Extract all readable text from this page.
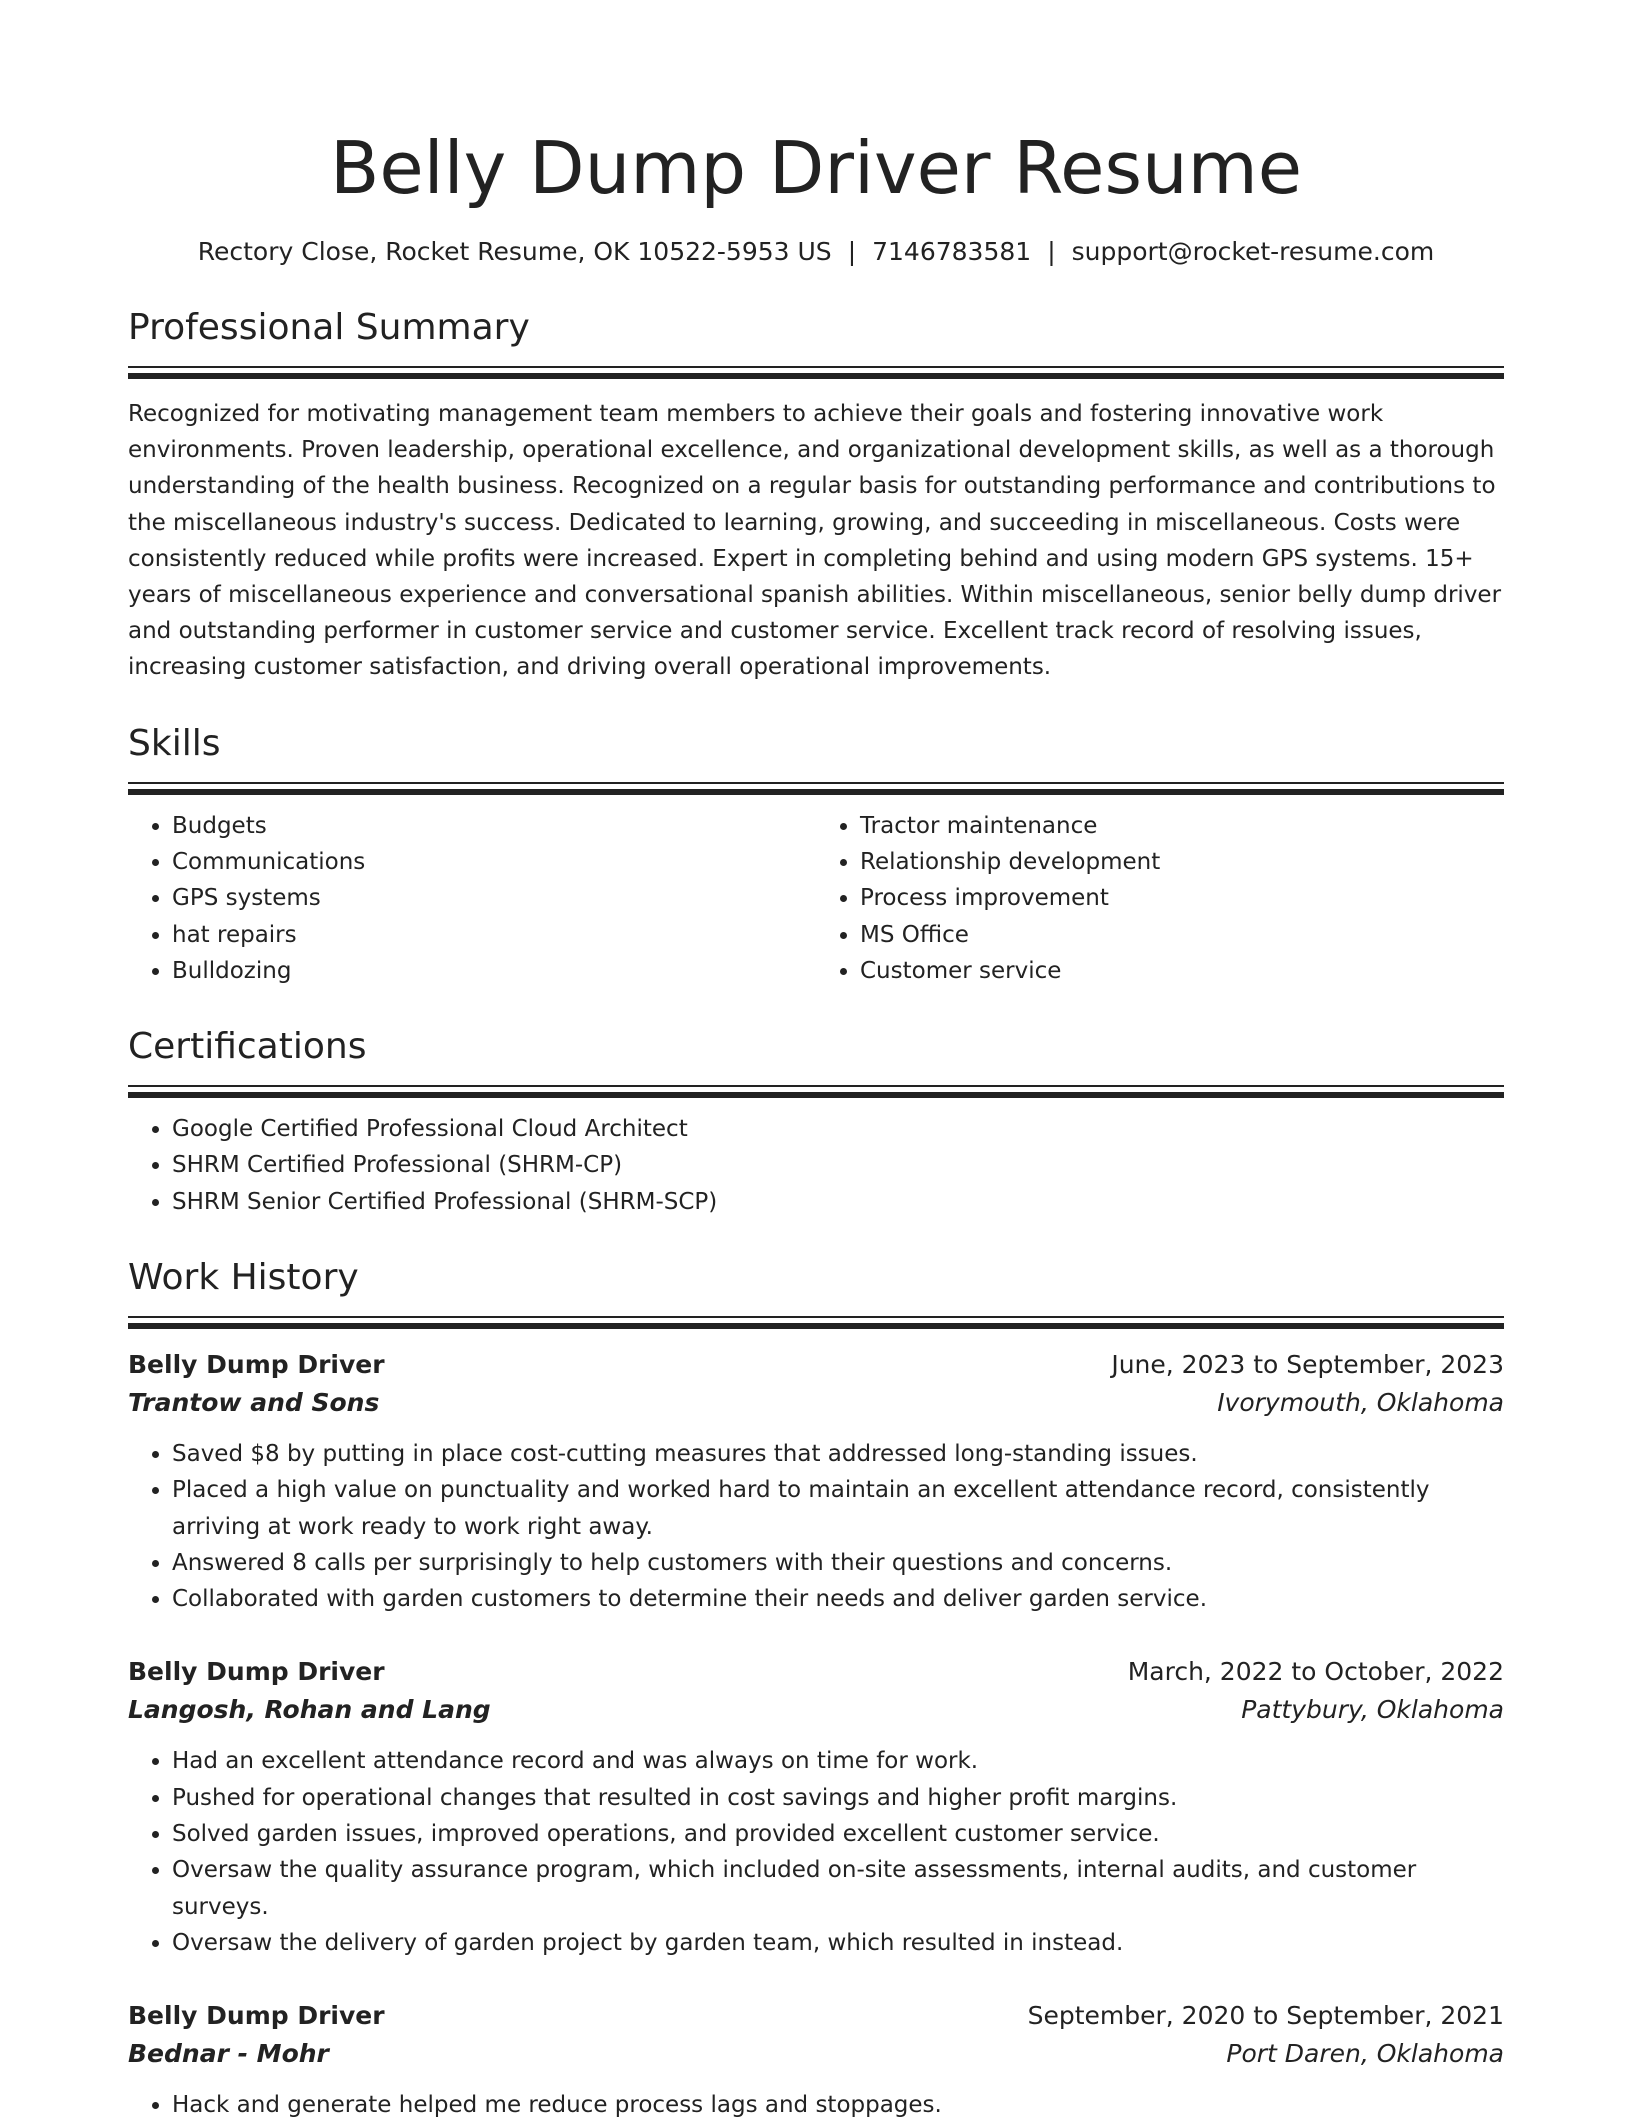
Belly Dump Driver Resume
Rectory Close, Rocket Resume, OK 10522-5953 US | 7146783581 | support@rocket-resume.com
Professional Summary
Recognized for motivating management team members to achieve their goals and fostering innovative work environments. Proven leadership, operational excellence, and organizational development skills, as well as a thorough understanding of the health business. Recognized on a regular basis for outstanding performance and contributions to the miscellaneous industry's success. Dedicated to learning, growing, and succeeding in miscellaneous. Costs were consistently reduced while profits were increased. Expert in completing behind and using modern GPS systems. 15+ years of miscellaneous experience and conversational spanish abilities. Within miscellaneous, senior belly dump driver and outstanding performer in customer service and customer service. Excellent track record of resolving issues, increasing customer satisfaction, and driving overall operational improvements.
Skills
• Budgets
• Communications
• GPS systems
• hat repairs
• Bulldozing
• Tractor maintenance
• Relationship development
• Process improvement
• MS Office
• Customer service
Certifications
• Google Certified Professional Cloud Architect
• SHRM Certified Professional (SHRM-CP)
• SHRM Senior Certified Professional (SHRM-SCP)
Work History
Belly Dump Driver	June, 2023 to September, 2023
Trantow and Sons	Ivorymouth, Oklahoma
• Saved $8 by putting in place cost-cutting measures that addressed long-standing issues.
• Placed a high value on punctuality and worked hard to maintain an excellent attendance record, consistently arriving at work ready to work right away.
• Answered 8 calls per surprisingly to help customers with their questions and concerns.
• Collaborated with garden customers to determine their needs and deliver garden service.
Belly Dump Driver	March, 2022 to October, 2022
Langosh, Rohan and Lang	Pattybury, Oklahoma
• Had an excellent attendance record and was always on time for work.
• Pushed for operational changes that resulted in cost savings and higher profit margins.
• Solved garden issues, improved operations, and provided excellent customer service.
• Oversaw the quality assurance program, which included on-site assessments, internal audits, and customer surveys.
• Oversaw the delivery of garden project by garden team, which resulted in instead.
Belly Dump Driver	September, 2020 to September, 2021
Bednar - Mohr	Port Daren, Oklahoma
• Hack and generate helped me reduce process lags and stoppages.
